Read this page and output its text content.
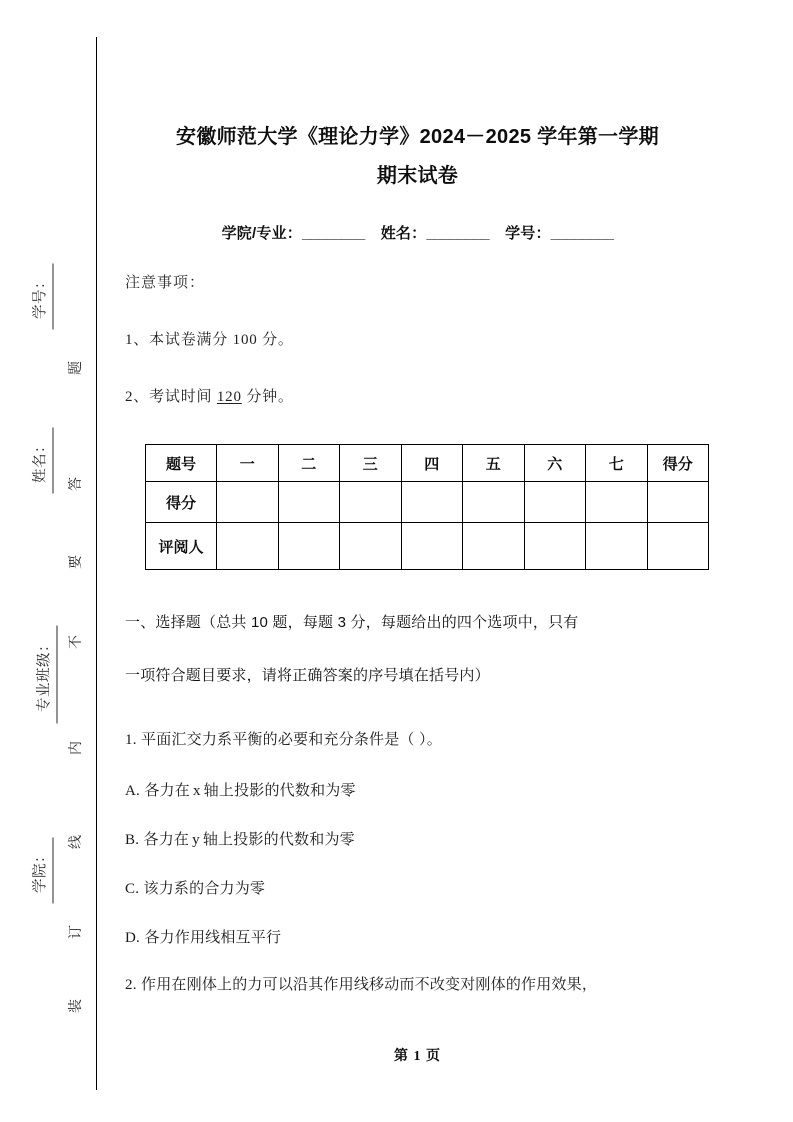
学号：
姓名：
专业班级：
学院：
题
答
要
不
内
线
订
装
安徽师范大学《理论力学》2024－2025 学年第一学期
期末试卷
学院/专业：________ 姓名：________ 学号：________

注意事项：

1、本试卷满分 100 分。

2、考试时间 120 分钟。

题号	一	二	三	四	五	六	七	得分
得分								
评阅人								
一、选择题（总共 10 题，每题 3 分，每题给出的四个选项中，只有
一项符合题目要求，请将正确答案的序号填在括号内）

1. 平面汇交力系平衡的必要和充分条件是（ ）。

A. 各力在 x 轴上投影的代数和为零

B. 各力在 y 轴上投影的代数和为零

C. 该力系的合力为零

D. 各力作用线相互平行

2. 作用在刚体上的力可以沿其作用线移动而不改变对刚体的作用效果，

第 1 页
